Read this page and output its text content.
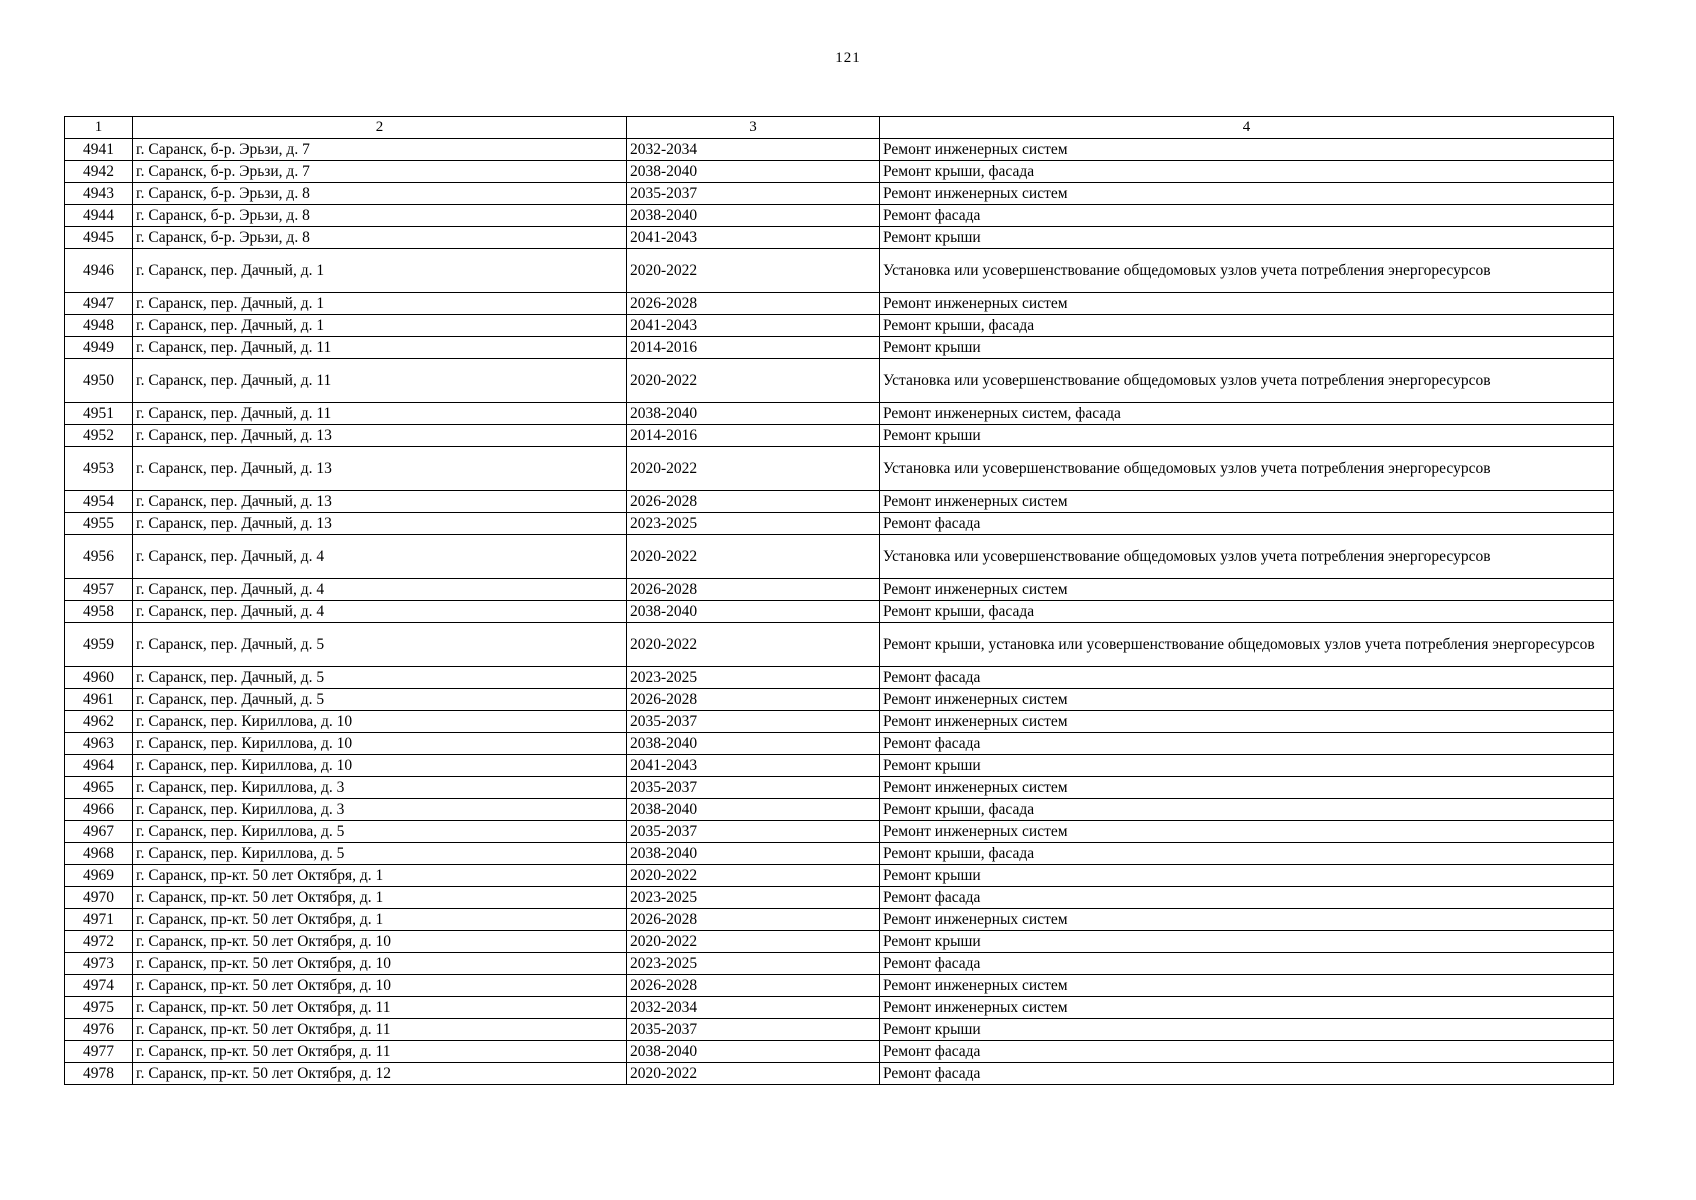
121
1	2	3	4
4941	г. Саранск, б-р. Эрьзи, д. 7	2032-2034	Ремонт инженерных систем
4942	г. Саранск, б-р. Эрьзи, д. 7	2038-2040	Ремонт крыши, фасада
4943	г. Саранск, б-р. Эрьзи, д. 8	2035-2037	Ремонт инженерных систем
4944	г. Саранск, б-р. Эрьзи, д. 8	2038-2040	Ремонт фасада
4945	г. Саранск, б-р. Эрьзи, д. 8	2041-2043	Ремонт крыши
4946	г. Саранск, пер. Дачный, д. 1	2020-2022	Установка или усовершенствование общедомовых узлов учета потребления энергоресурсов
4947	г. Саранск, пер. Дачный, д. 1	2026-2028	Ремонт инженерных систем
4948	г. Саранск, пер. Дачный, д. 1	2041-2043	Ремонт крыши, фасада
4949	г. Саранск, пер. Дачный, д. 11	2014-2016	Ремонт крыши
4950	г. Саранск, пер. Дачный, д. 11	2020-2022	Установка или усовершенствование общедомовых узлов учета потребления энергоресурсов
4951	г. Саранск, пер. Дачный, д. 11	2038-2040	Ремонт инженерных систем, фасада
4952	г. Саранск, пер. Дачный, д. 13	2014-2016	Ремонт крыши
4953	г. Саранск, пер. Дачный, д. 13	2020-2022	Установка или усовершенствование общедомовых узлов учета потребления энергоресурсов
4954	г. Саранск, пер. Дачный, д. 13	2026-2028	Ремонт инженерных систем
4955	г. Саранск, пер. Дачный, д. 13	2023-2025	Ремонт фасада
4956	г. Саранск, пер. Дачный, д. 4	2020-2022	Установка или усовершенствование общедомовых узлов учета потребления энергоресурсов
4957	г. Саранск, пер. Дачный, д. 4	2026-2028	Ремонт инженерных систем
4958	г. Саранск, пер. Дачный, д. 4	2038-2040	Ремонт крыши, фасада
4959	г. Саранск, пер. Дачный, д. 5	2020-2022	Ремонт крыши, установка или усовершенствование общедомовых узлов учета потребления энергоресурсов
4960	г. Саранск, пер. Дачный, д. 5	2023-2025	Ремонт фасада
4961	г. Саранск, пер. Дачный, д. 5	2026-2028	Ремонт инженерных систем
4962	г. Саранск, пер. Кириллова, д. 10	2035-2037	Ремонт инженерных систем
4963	г. Саранск, пер. Кириллова, д. 10	2038-2040	Ремонт фасада
4964	г. Саранск, пер. Кириллова, д. 10	2041-2043	Ремонт крыши
4965	г. Саранск, пер. Кириллова, д. 3	2035-2037	Ремонт инженерных систем
4966	г. Саранск, пер. Кириллова, д. 3	2038-2040	Ремонт крыши, фасада
4967	г. Саранск, пер. Кириллова, д. 5	2035-2037	Ремонт инженерных систем
4968	г. Саранск, пер. Кириллова, д. 5	2038-2040	Ремонт крыши, фасада
4969	г. Саранск, пр-кт. 50 лет Октября, д. 1	2020-2022	Ремонт крыши
4970	г. Саранск, пр-кт. 50 лет Октября, д. 1	2023-2025	Ремонт фасада
4971	г. Саранск, пр-кт. 50 лет Октября, д. 1	2026-2028	Ремонт инженерных систем
4972	г. Саранск, пр-кт. 50 лет Октября, д. 10	2020-2022	Ремонт крыши
4973	г. Саранск, пр-кт. 50 лет Октября, д. 10	2023-2025	Ремонт фасада
4974	г. Саранск, пр-кт. 50 лет Октября, д. 10	2026-2028	Ремонт инженерных систем
4975	г. Саранск, пр-кт. 50 лет Октября, д. 11	2032-2034	Ремонт инженерных систем
4976	г. Саранск, пр-кт. 50 лет Октября, д. 11	2035-2037	Ремонт крыши
4977	г. Саранск, пр-кт. 50 лет Октября, д. 11	2038-2040	Ремонт фасада
4978	г. Саранск, пр-кт. 50 лет Октября, д. 12	2020-2022	Ремонт фасада
